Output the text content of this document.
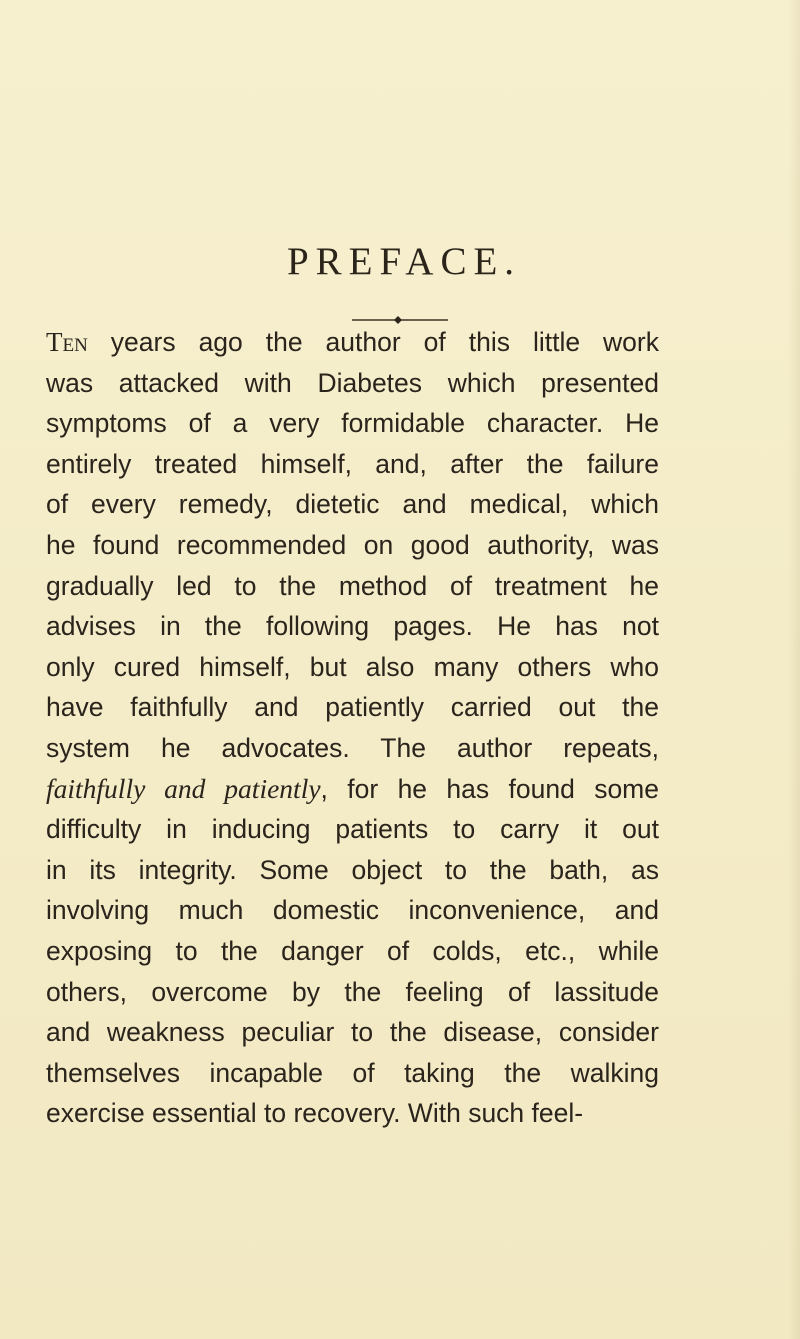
PREFACE.
Ten years ago the author of this little work
was attacked with Diabetes which presented
symptoms of a very formidable character. He
entirely treated himself, and, after the failure
of every remedy, dietetic and medical, which
he found recommended on good authority, was
gradually led to the method of treatment he
advises in the following pages. He has not
only cured himself, but also many others who
have faithfully and patiently carried out the
system he advocates. The author repeats,
faithfully and patiently, for he has found some
difficulty in inducing patients to carry it out
in its integrity. Some object to the bath, as
involving much domestic inconvenience, and
exposing to the danger of colds, etc., while
others, overcome by the feeling of lassitude
and weakness peculiar to the disease, consider
themselves incapable of taking the walking
exercise essential to recovery. With such feel-
